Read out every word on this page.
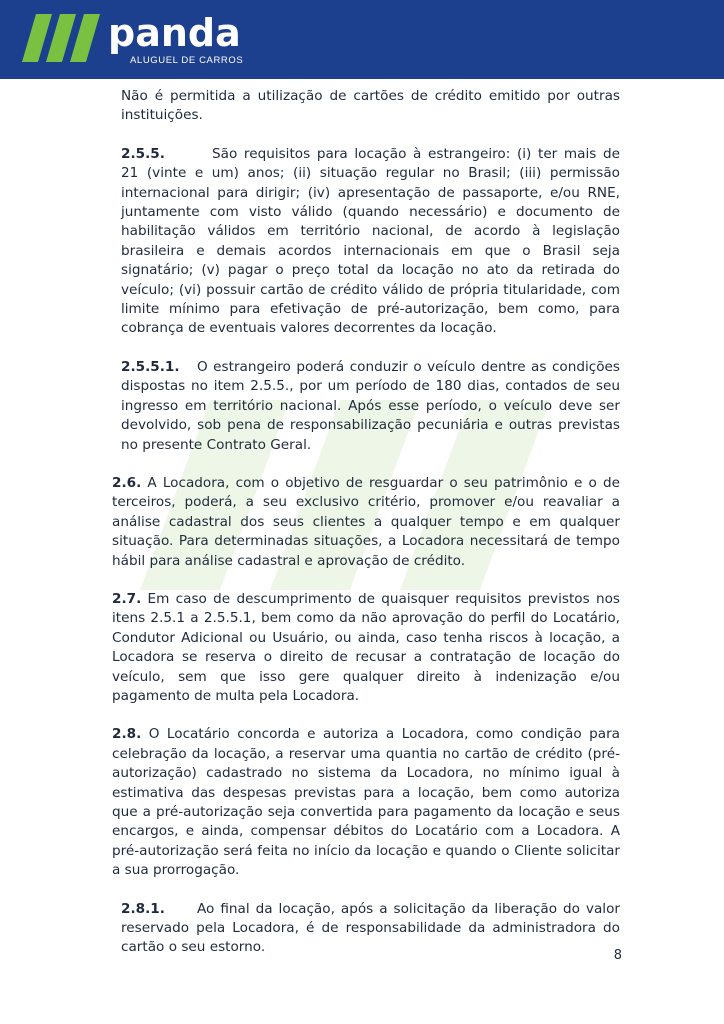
panda
ALUGUEL DE CARROS

Não é permitida a utilização de cartões de crédito emitido por outras instituições.

2.5.5.	São requisitos para locação à estrangeiro: (i) ter mais de 21 (vinte e um) anos; (ii) situação regular no Brasil; (iii) permissão internacional para dirigir; (iv) apresentação de passaporte, e/ou RNE, juntamente com visto válido (quando necessário) e documento de habilitação válidos em território nacional, de acordo à legislação brasileira e demais acordos internacionais em que o Brasil seja signatário; (v) pagar o preço total da locação no ato da retirada do veículo; (vi) possuir cartão de crédito válido de própria titularidade, com limite mínimo para efetivação de pré-autorização, bem como, para cobrança de eventuais valores decorrentes da locação.

2.5.5.1. O estrangeiro poderá conduzir o veículo dentre as condições dispostas no item 2.5.5., por um período de 180 dias, contados de seu ingresso em território nacional. Após esse período, o veículo deve ser devolvido, sob pena de responsabilização pecuniária e outras previstas no presente Contrato Geral.

2.6. A Locadora, com o objetivo de resguardar o seu patrimônio e o de terceiros, poderá, a seu exclusivo critério, promover e/ou reavaliar a análise cadastral dos seus clientes a qualquer tempo e em qualquer situação. Para determinadas situações, a Locadora necessitará de tempo hábil para análise cadastral e aprovação de crédito.

2.7. Em caso de descumprimento de quaisquer requisitos previstos nos itens 2.5.1 a 2.5.5.1, bem como da não aprovação do perfil do Locatário, Condutor Adicional ou Usuário, ou ainda, caso tenha riscos à locação, a Locadora se reserva o direito de recusar a contratação de locação do veículo, sem que isso gere qualquer direito à indenização e/ou pagamento de multa pela Locadora.

2.8. O Locatário concorda e autoriza a Locadora, como condição para celebração da locação, a reservar uma quantia no cartão de crédito (pré-autorização) cadastrado no sistema da Locadora, no mínimo igual à estimativa das despesas previstas para a locação, bem como autoriza que a pré-autorização seja convertida para pagamento da locação e seus encargos, e ainda, compensar débitos do Locatário com a Locadora. A pré-autorização será feita no início da locação e quando o Cliente solicitar a sua prorrogação.

2.8.1. Ao final da locação, após a solicitação da liberação do valor reservado pela Locadora, é de responsabilidade da administradora do cartão o seu estorno.

8
